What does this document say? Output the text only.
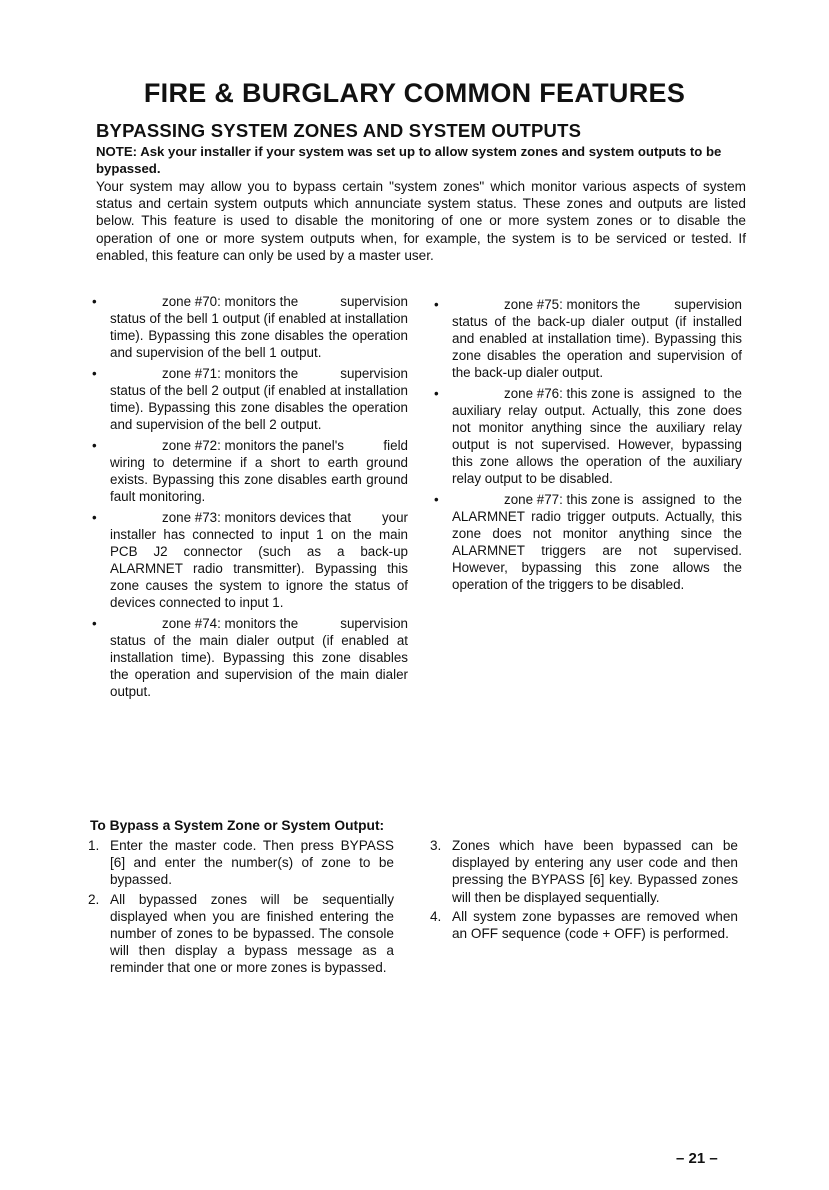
FIRE & BURGLARY COMMON FEATURES
BYPASSING SYSTEM ZONES AND SYSTEM OUTPUTS
NOTE: Ask your installer if your system was set up to allow system zones and system outputs to be bypassed.
Your system may allow you to bypass certain "system zones" which monitor various aspects of system status and certain system outputs which annunciate system status. These zones and outputs are listed below. This feature is used to disable the monitoring of one or more system zones or to disable the operation of one or more system outputs when, for example, the system is to be serviced or tested. If enabled, this feature can only be used by a master user.
•	zone #70: monitors the	supervision status of the bell 1 output (if enabled at installation time). Bypassing this zone disables the operation and supervision of the bell 1 output.
•	zone #71: monitors the	supervision status of the bell 2 output (if enabled at installation time). Bypassing this zone disables the operation and supervision of the bell 2 output.
•	zone #72: monitors the panel's	field wiring to determine if a short to earth ground exists. Bypassing this zone disables earth ground fault monitoring.
•	zone #73: monitors devices that your installer has connected to input 1 on the main PCB J2 connector (such as a back-up ALARMNET radio transmitter). Bypassing this zone causes the system to ignore the status of devices connected to input 1.
•	zone #74: monitors the	supervision status of the main dialer output (if enabled at installation time). Bypassing this zone disables the operation and supervision of the main dialer output.
•	zone #75: monitors the	supervision status of the back-up dialer output (if installed and enabled at installation time). Bypassing this zone disables the operation and supervision of the back-up dialer output.
•	zone #76: this zone is assigned to the auxiliary relay output. Actually, this zone does not monitor anything since the auxiliary relay output is not supervised. However, bypassing this zone allows the operation of the auxiliary relay output to be disabled.
•	zone #77: this zone is assigned to the ALARMNET radio trigger outputs. Actually, this zone does not monitor anything since the ALARMNET triggers are not supervised. However, bypassing this zone allows the operation of the triggers to be disabled.
To Bypass a System Zone or System Output:
1. Enter the master code. Then press BYPASS [6] and enter the number(s) of zone to be bypassed.
2. All bypassed zones will be sequentially displayed when you are finished entering the number of zones to be bypassed. The console will then display a bypass message as a reminder that one or more zones is bypassed.
3. Zones which have been bypassed can be displayed by entering any user code and then pressing the BYPASS [6] key. Bypassed zones will then be displayed sequentially.
4. All system zone bypasses are removed when an OFF sequence (code + OFF) is performed.
– 21 –
